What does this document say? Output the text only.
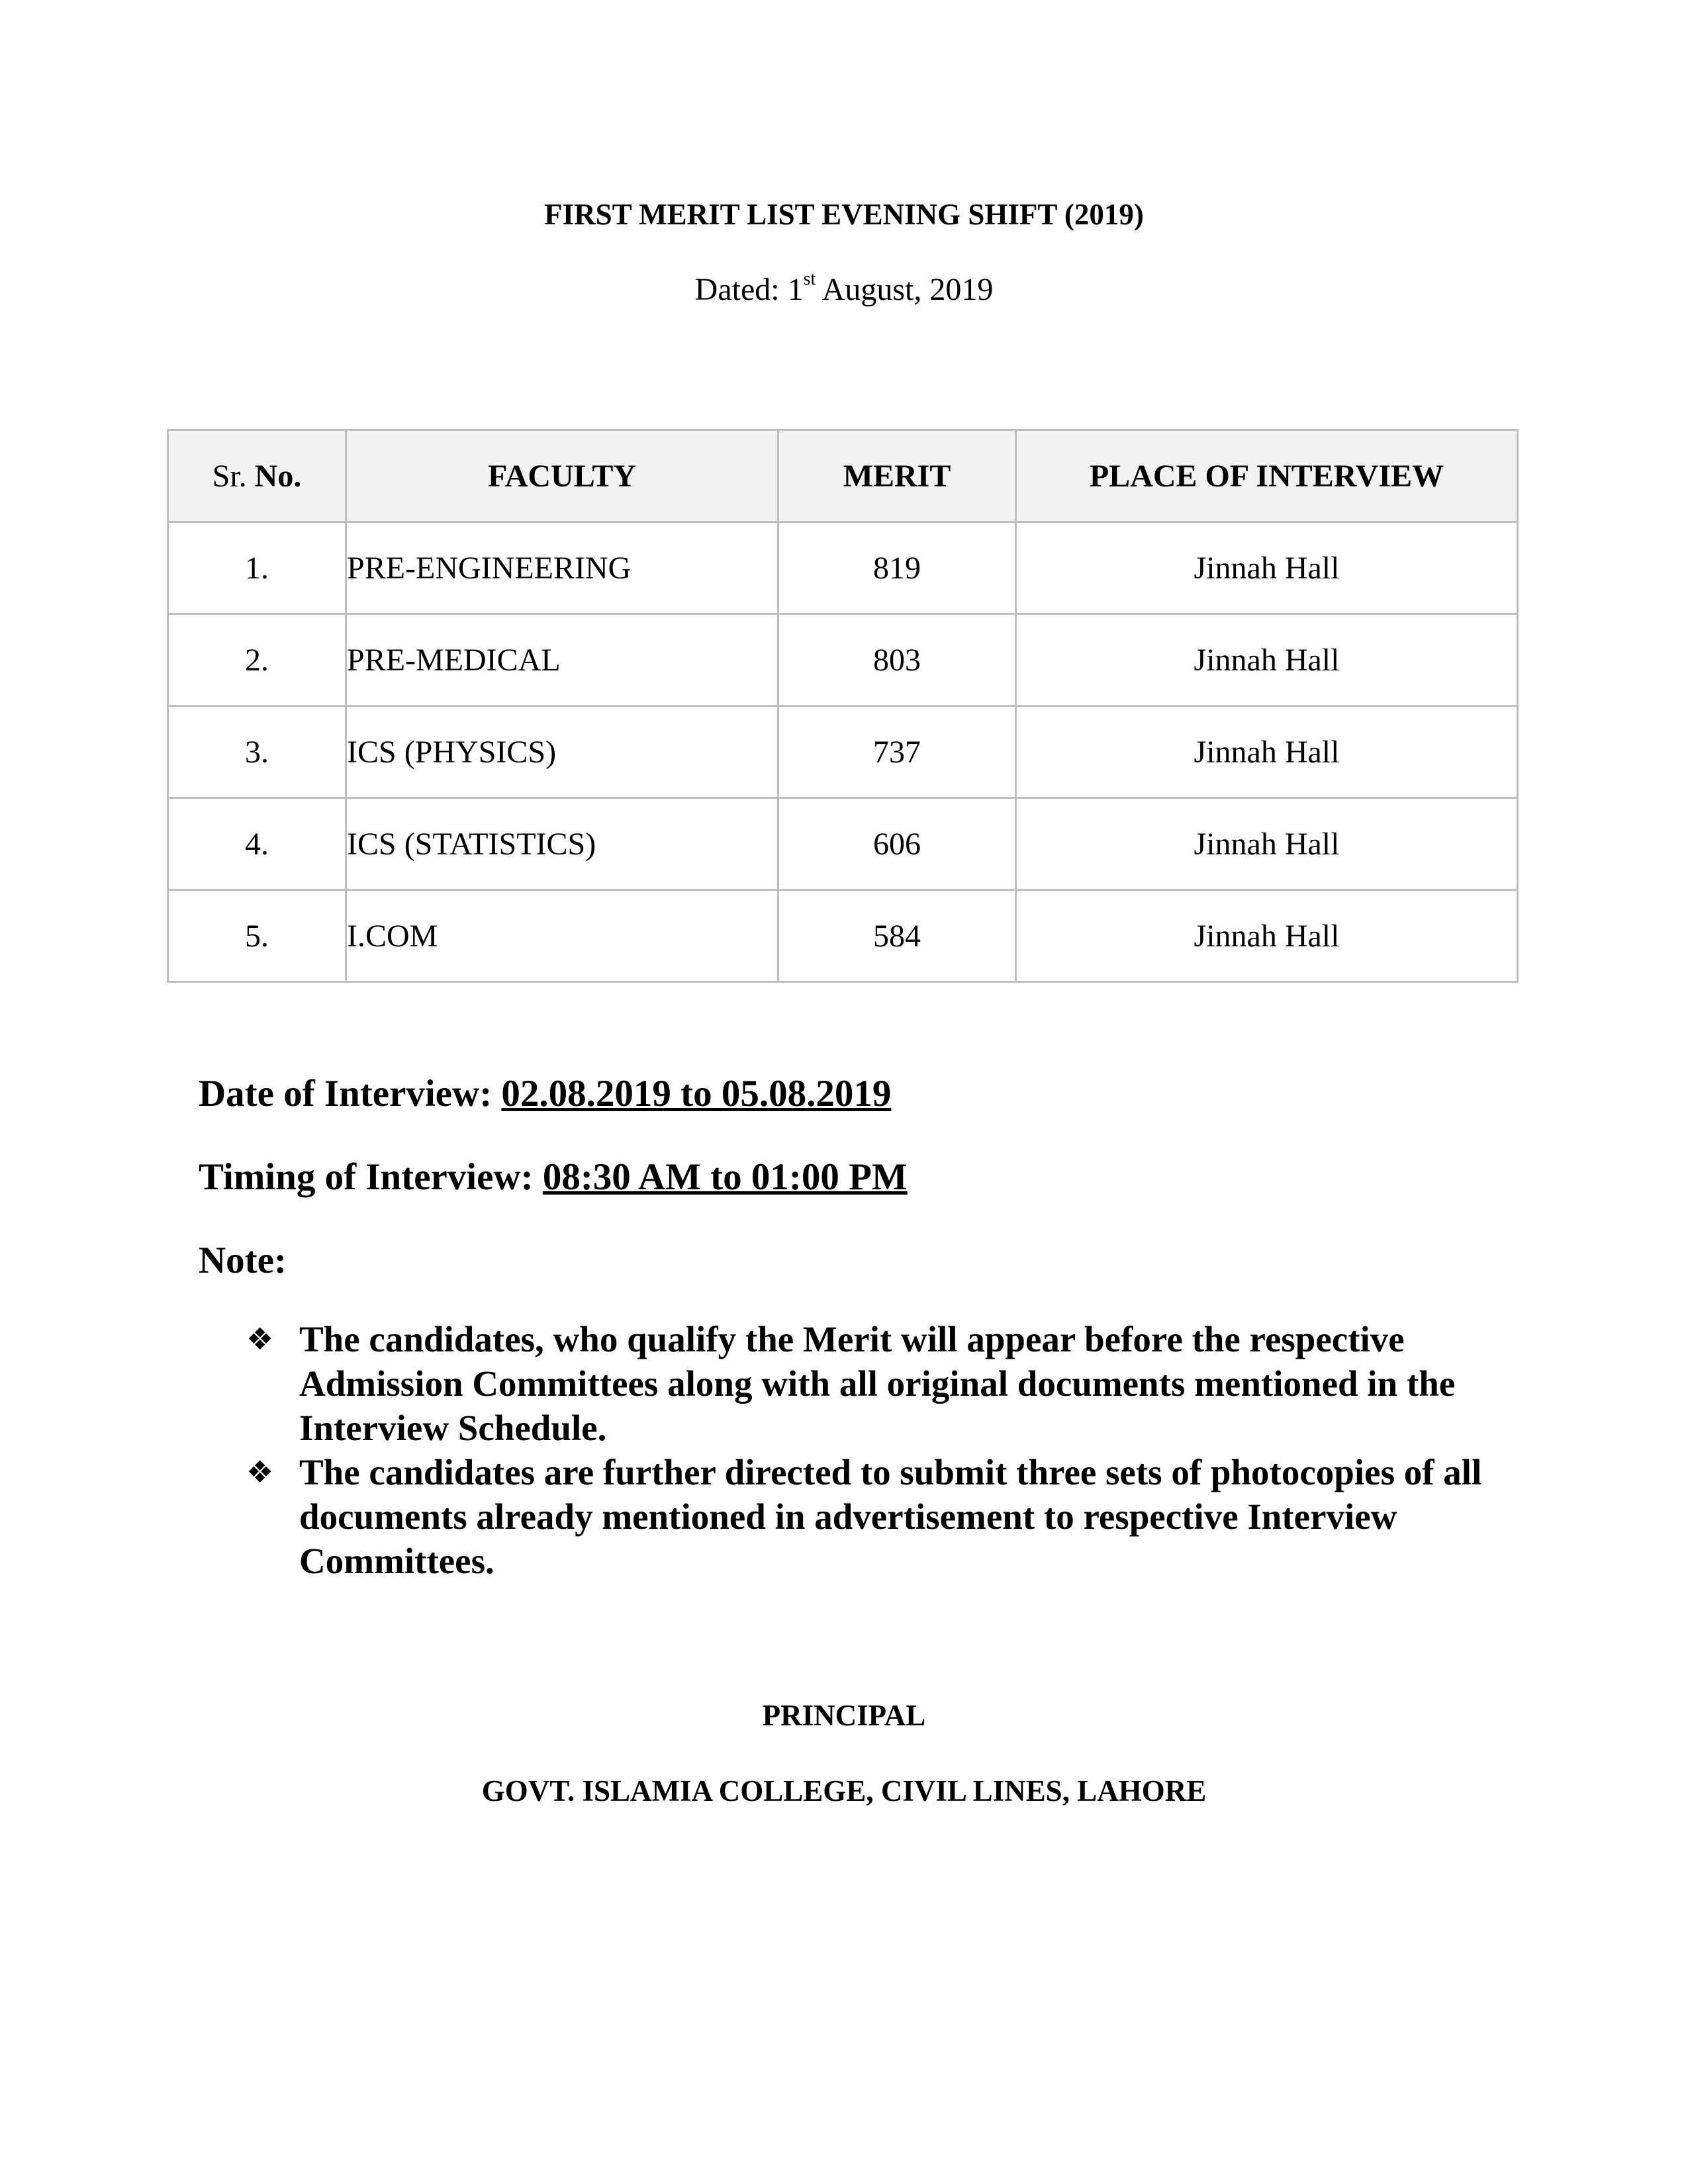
FIRST MERIT LIST EVENING SHIFT (2019)

Dated: 1st August, 2019

Sr. No.	FACULTY	MERIT	PLACE OF INTERVIEW
1.	PRE-ENGINEERING	819	Jinnah Hall
2.	PRE-MEDICAL	803	Jinnah Hall
3.	ICS (PHYSICS)	737	Jinnah Hall
4.	ICS (STATISTICS)	606	Jinnah Hall
5.	I.COM	584	Jinnah Hall

Date of Interview: 02.08.2019 to 05.08.2019

Timing of Interview: 08:30 AM to 01:00 PM

Note:

❖ The candidates, who qualify the Merit will appear before the respective Admission Committees along with all original documents mentioned in the Interview Schedule.
❖ The candidates are further directed to submit three sets of photocopies of all documents already mentioned in advertisement to respective Interview Committees.

PRINCIPAL

GOVT. ISLAMIA COLLEGE, CIVIL LINES, LAHORE
